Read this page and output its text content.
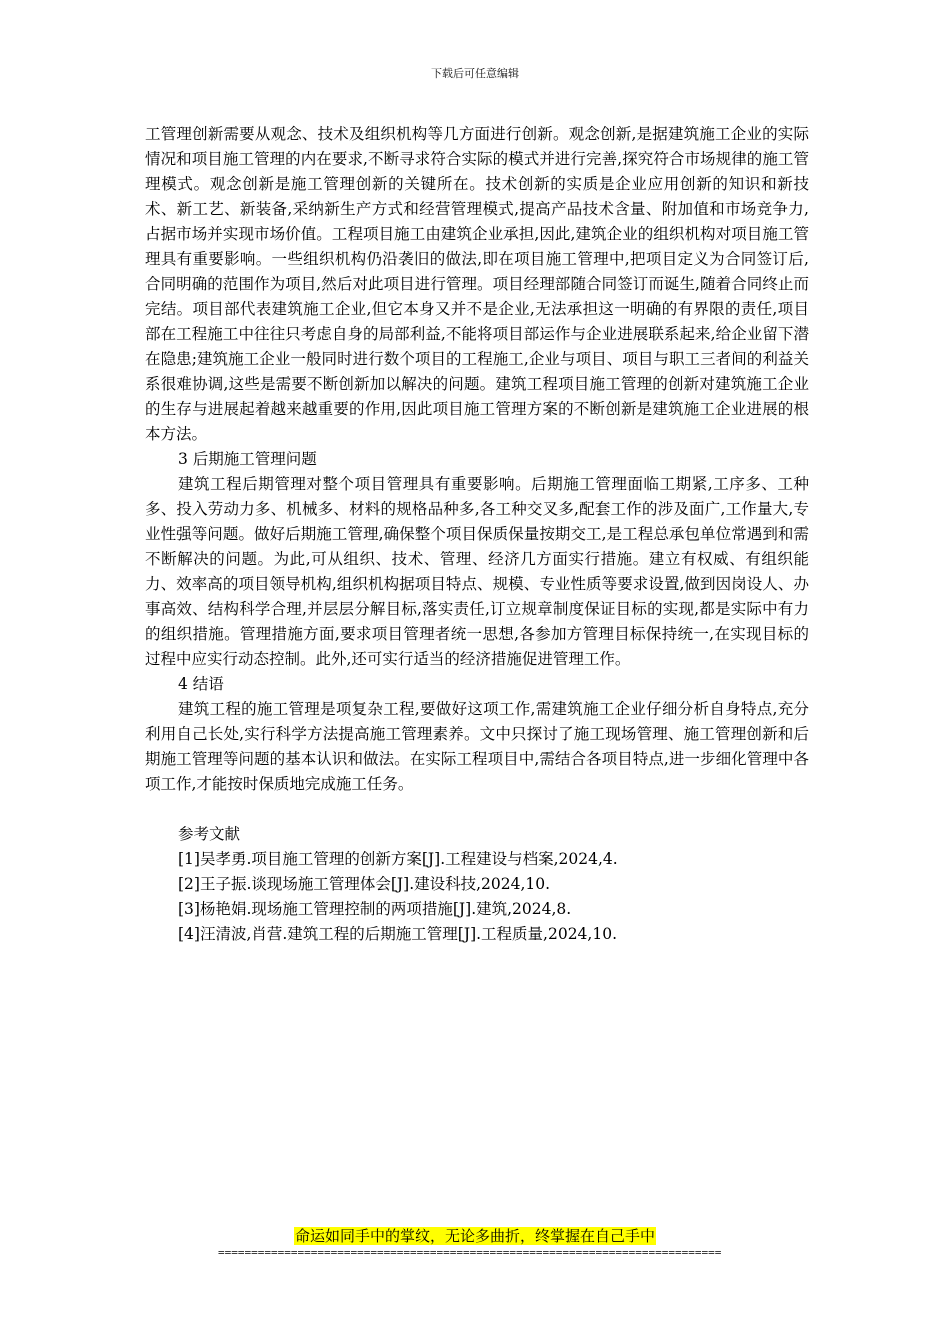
下载后可任意编辑

工管理创新需要从观念、技术及组织机构等几方面进行创新。观念创新,是据建筑施工企业的实际情况和项目施工管理的内在要求,不断寻求符合实际的模式并进行完善,探究符合市场规律的施工管理模式。观念创新是施工管理创新的关键所在。技术创新的实质是企业应用创新的知识和新技术、新工艺、新装备,采纳新生产方式和经营管理模式,提高产品技术含量、附加值和市场竞争力,占据市场并实现市场价值。工程项目施工由建筑企业承担,因此,建筑企业的组织机构对项目施工管理具有重要影响。一些组织机构仍沿袭旧的做法,即在项目施工管理中,把项目定义为合同签订后,合同明确的范围作为项目,然后对此项目进行管理。项目经理部随合同签订而诞生,随着合同终止而完结。项目部代表建筑施工企业,但它本身又并不是企业,无法承担这一明确的有界限的责任,项目部在工程施工中往往只考虑自身的局部利益,不能将项目部运作与企业进展联系起来,给企业留下潜在隐患;建筑施工企业一般同时进行数个项目的工程施工,企业与项目、项目与职工三者间的利益关系很难协调,这些是需要不断创新加以解决的问题。建筑工程项目施工管理的创新对建筑施工企业的生存与进展起着越来越重要的作用,因此项目施工管理方案的不断创新是建筑施工企业进展的根本方法。

3 后期施工管理问题

建筑工程后期管理对整个项目管理具有重要影响。后期施工管理面临工期紧,工序多、工种多、投入劳动力多、机械多、材料的规格品种多,各工种交叉多,配套工作的涉及面广,工作量大,专业性强等问题。做好后期施工管理,确保整个项目保质保量按期交工,是工程总承包单位常遇到和需不断解决的问题。为此,可从组织、技术、管理、经济几方面实行措施。建立有权威、有组织能力、效率高的项目领导机构,组织机构据项目特点、规模、专业性质等要求设置,做到因岗设人、办事高效、结构科学合理,并层层分解目标,落实责任,订立规章制度保证目标的实现,都是实际中有力的组织措施。管理措施方面,要求项目管理者统一思想,各参加方管理目标保持统一,在实现目标的过程中应实行动态控制。此外,还可实行适当的经济措施促进管理工作。

4 结语

建筑工程的施工管理是项复杂工程,要做好这项工作,需建筑施工企业仔细分析自身特点,充分利用自己长处,实行科学方法提高施工管理素养。文中只探讨了施工现场管理、施工管理创新和后期施工管理等问题的基本认识和做法。在实际工程项目中,需结合各项目特点,进一步细化管理中各项工作,才能按时保质地完成施工任务。

参考文献

[1]吴孝勇.项目施工管理的创新方案[J].工程建设与档案,2024,4.

[2]王子振.谈现场施工管理体会[J].建设科技,2024,10.

[3]杨艳娟.现场施工管理控制的两项措施[J].建筑,2024,8.

[4]汪清波,肖营.建筑工程的后期施工管理[J].工程质量,2024,10.

命运如同手中的掌纹，无论多曲折，终掌握在自己手中
============================================================================
